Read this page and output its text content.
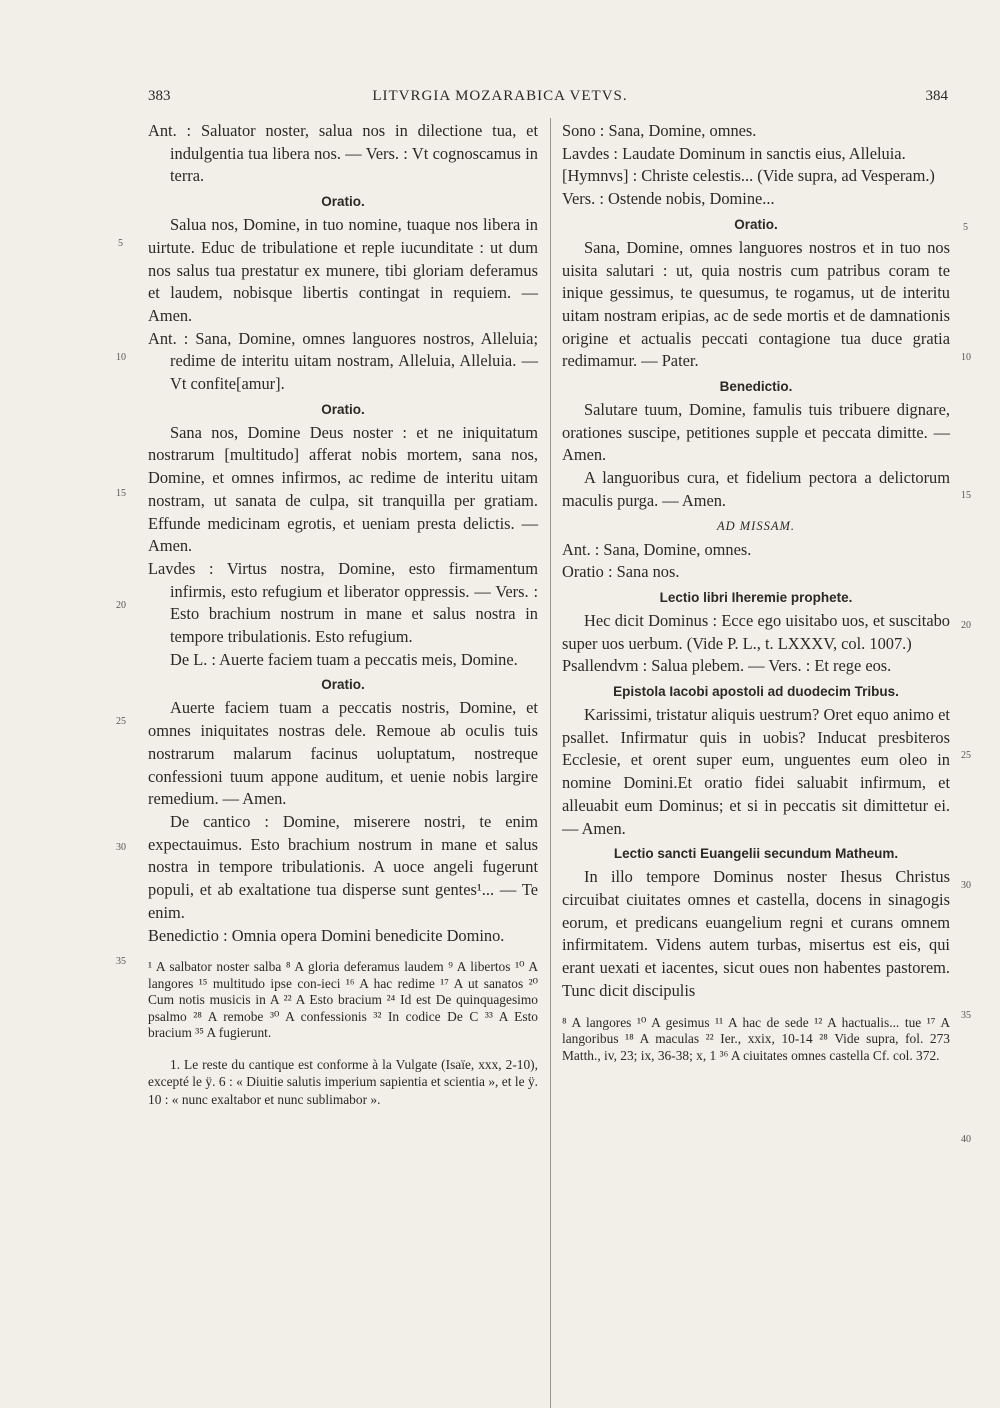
383	LITVRGIA MOZARABICA VETVS.	384
5
10
15
20
25
30
35
5
10
15
20
25
30
35
40

Ant. : Saluator noster, salua nos in dilectione tua, et indulgentia tua libera nos. — Vers. : Vt cognoscamus in terra.

Oratio.

Salua nos, Domine, in tuo nomine, tuaque nos libera in uirtute. Educ de tribulatione et reple iucunditate : ut dum nos salus tua prestatur ex munere, tibi gloriam deferamus et laudem, nobisque libertis contingat in requiem. — Amen.

Ant. : Sana, Domine, omnes languores nostros, Alleluia; redime de interitu uitam nostram, Alleluia, Alleluia. — Vt confite[amur].

Oratio.

Sana nos, Domine Deus noster : et ne iniquitatum nostrarum [multitudo] afferat nobis mortem, sana nos, Domine, et omnes infirmos, ac redime de interitu uitam nostram, ut sanata de culpa, sit tranquilla per gratiam. Effunde medicinam egrotis, et ueniam presta delictis. — Amen.

Lavdes : Virtus nostra, Domine, esto firmamentum infirmis, esto refugium et liberator oppressis. — Vers. : Esto brachium nostrum in mane et salus nostra in tempore tribulationis. Esto refugium.

De L. : Auerte faciem tuam a peccatis meis, Domine.

Oratio.

Auerte faciem tuam a peccatis nostris, Domine, et omnes iniquitates nostras dele. Remoue ab oculis tuis nostrarum malarum facinus uoluptatum, nostreque confessioni tuum appone auditum, et uenie nobis largire remedium. — Amen.

De cantico : Domine, miserere nostri, te enim expectauimus. Esto brachium nostrum in mane et salus nostra in tempore tribulationis. A uoce angeli fugerunt populi, et ab exaltatione tua disperse sunt gentes¹... — Te enim.

Benedictio : Omnia opera Domini benedicite Domino.

¹ A salbator noster salba ⁸ A gloria deferamus laudem ⁹ A libertos ¹⁰ A langores ¹⁵ multitudo ipse con-ieci ¹⁶ A hac redime ¹⁷ A ut sanatos ²⁰ Cum notis musicis in A ²² A Esto bracium ²⁴ Id est De quinquagesimo psalmo ²⁸ A remobe ³⁰ A confessionis ³² In codice De C ³³ A Esto bracium ³⁵ A fugierunt.

1. Le reste du cantique est conforme à la Vulgate (Isaïe, xxx, 2-10), excepté le ÿ. 6 : « Diuitie salutis imperium sapientia et scientia », et le ÿ. 10 : « nunc exaltabor et nunc sublimabor ».

Sono : Sana, Domine, omnes.

Lavdes : Laudate Dominum in sanctis eius, Alleluia.

[Hymnvs] : Christe celestis... (Vide supra, ad Vesperam.)

Vers. : Ostende nobis, Domine...

Oratio.

Sana, Domine, omnes languores nostros et in tuo nos uisita salutari : ut, quia nostris cum patribus coram te inique gessimus, te quesumus, te rogamus, ut de interitu uitam nostram eripias, ac de sede mortis et de damnationis origine et actualis peccati contagione tua duce gratia redimamur. — Pater.

Benedictio.

Salutare tuum, Domine, famulis tuis tribuere dignare, orationes suscipe, petitiones supple et peccata dimitte. — Amen.

A languoribus cura, et fidelium pectora a delictorum maculis purga. — Amen.

AD MISSAM.

Ant. : Sana, Domine, omnes.

Oratio : Sana nos.

Lectio libri Iheremie prophete.

Hec dicit Dominus : Ecce ego uisitabo uos, et suscitabo super uos uerbum. (Vide P. L., t. LXXXV, col. 1007.)

Psallendvm : Salua plebem. — Vers. : Et rege eos.

Epistola Iacobi apostoli ad duodecim Tribus.

Karissimi, tristatur aliquis uestrum? Oret equo animo et psallet. Infirmatur quis in uobis? Inducat presbiteros Ecclesie, et orent super eum, unguentes eum oleo in nomine Domini.Et oratio fidei saluabit infirmum, et alleuabit eum Dominus; et si in peccatis sit dimittetur ei. — Amen.

Lectio sancti Euangelii secundum Matheum.

In illo tempore Dominus noster Ihesus Christus circuibat ciuitates omnes et castella, docens in sinagogis eorum, et predicans euangelium regni et curans omnem infirmitatem. Videns autem turbas, misertus est eis, qui erant uexati et iacentes, sicut oues non habentes pastorem. Tunc dicit discipulis

⁸ A langores ¹⁰ A gesimus ¹¹ A hac de sede ¹² A hactualis... tue ¹⁷ A langoribus ¹⁸ A maculas ²² Ier., xxix, 10-14 ²⁸ Vide supra, fol. 273 Matth., iv, 23; ix, 36-38; x, 1 ³⁶ A ciuitates omnes castella Cf. col. 372.
